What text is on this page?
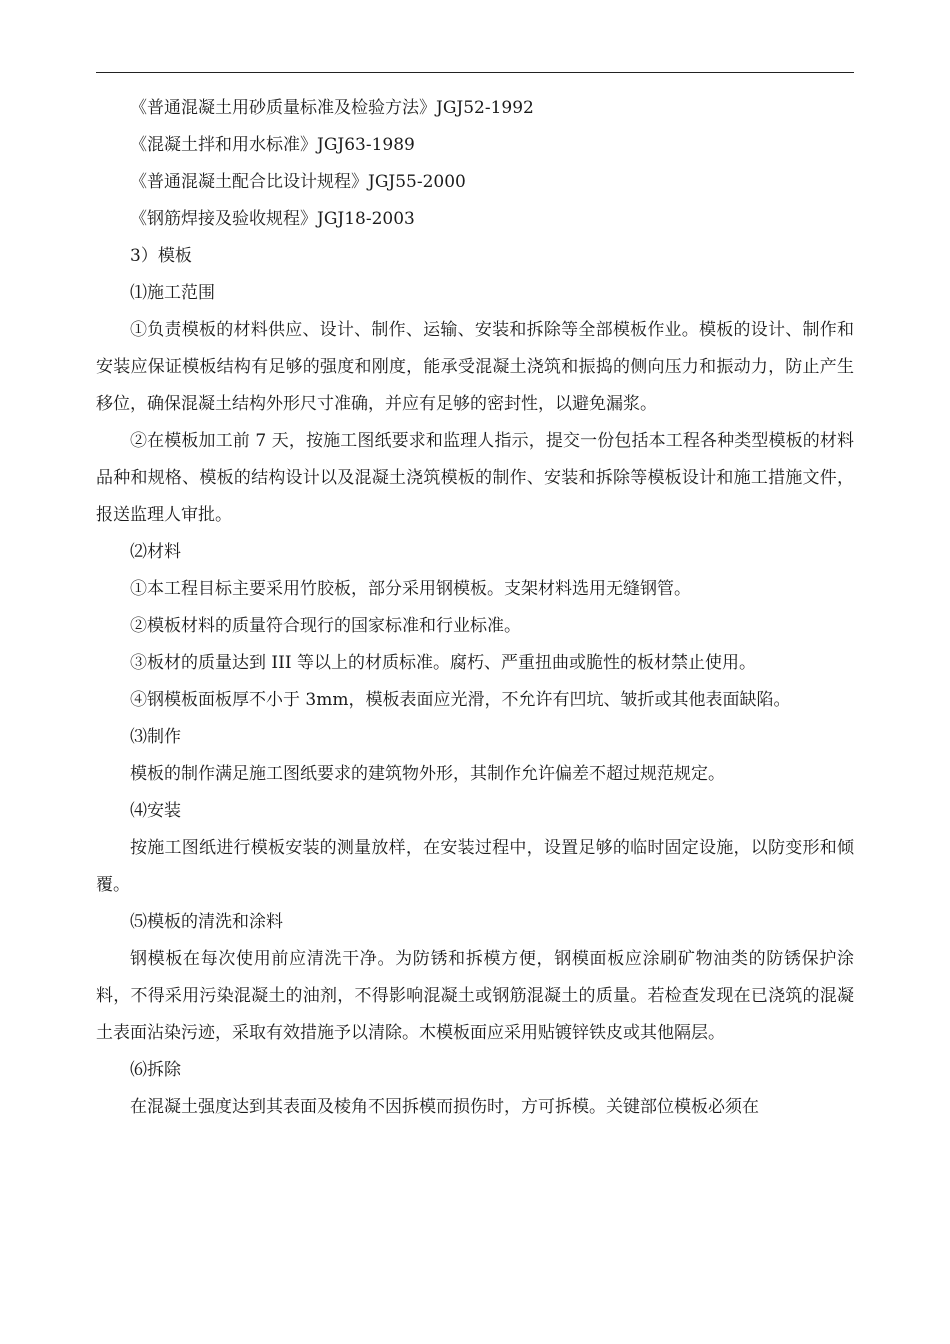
《普通混凝土用砂质量标准及检验方法》JGJ52-1992

《混凝土拌和用水标准》JGJ63-1989

《普通混凝土配合比设计规程》JGJ55-2000

《钢筋焊接及验收规程》JGJ18-2003

3）模板

⑴施工范围

①负责模板的材料供应、设计、制作、运输、安装和拆除等全部模板作业。模板的设计、制作和安装应保证模板结构有足够的强度和刚度，能承受混凝土浇筑和振捣的侧向压力和振动力，防止产生移位，确保混凝土结构外形尺寸准确，并应有足够的密封性，以避免漏浆。

②在模板加工前 7 天，按施工图纸要求和监理人指示，提交一份包括本工程各种类型模板的材料品种和规格、模板的结构设计以及混凝土浇筑模板的制作、安装和拆除等模板设计和施工措施文件，报送监理人审批。

⑵材料

①本工程目标主要采用竹胶板，部分采用钢模板。支架材料选用无缝钢管。

②模板材料的质量符合现行的国家标准和行业标准。

③板材的质量达到 III 等以上的材质标准。腐朽、严重扭曲或脆性的板材禁止使用。

④钢模板面板厚不小于 3mm，模板表面应光滑，不允许有凹坑、皱折或其他表面缺陷。

⑶制作

模板的制作满足施工图纸要求的建筑物外形，其制作允许偏差不超过规范规定。

⑷安装

按施工图纸进行模板安装的测量放样，在安装过程中，设置足够的临时固定设施，以防变形和倾覆。

⑸模板的清洗和涂料

钢模板在每次使用前应清洗干净。为防锈和拆模方便，钢模面板应涂刷矿物油类的防锈保护涂料，不得采用污染混凝土的油剂，不得影响混凝土或钢筋混凝土的质量。若检查发现在已浇筑的混凝土表面沾染污迹，采取有效措施予以清除。木模板面应采用贴镀锌铁皮或其他隔层。

⑹拆除

在混凝土强度达到其表面及棱角不因拆模而损伤时，方可拆模。关键部位模板必须在
